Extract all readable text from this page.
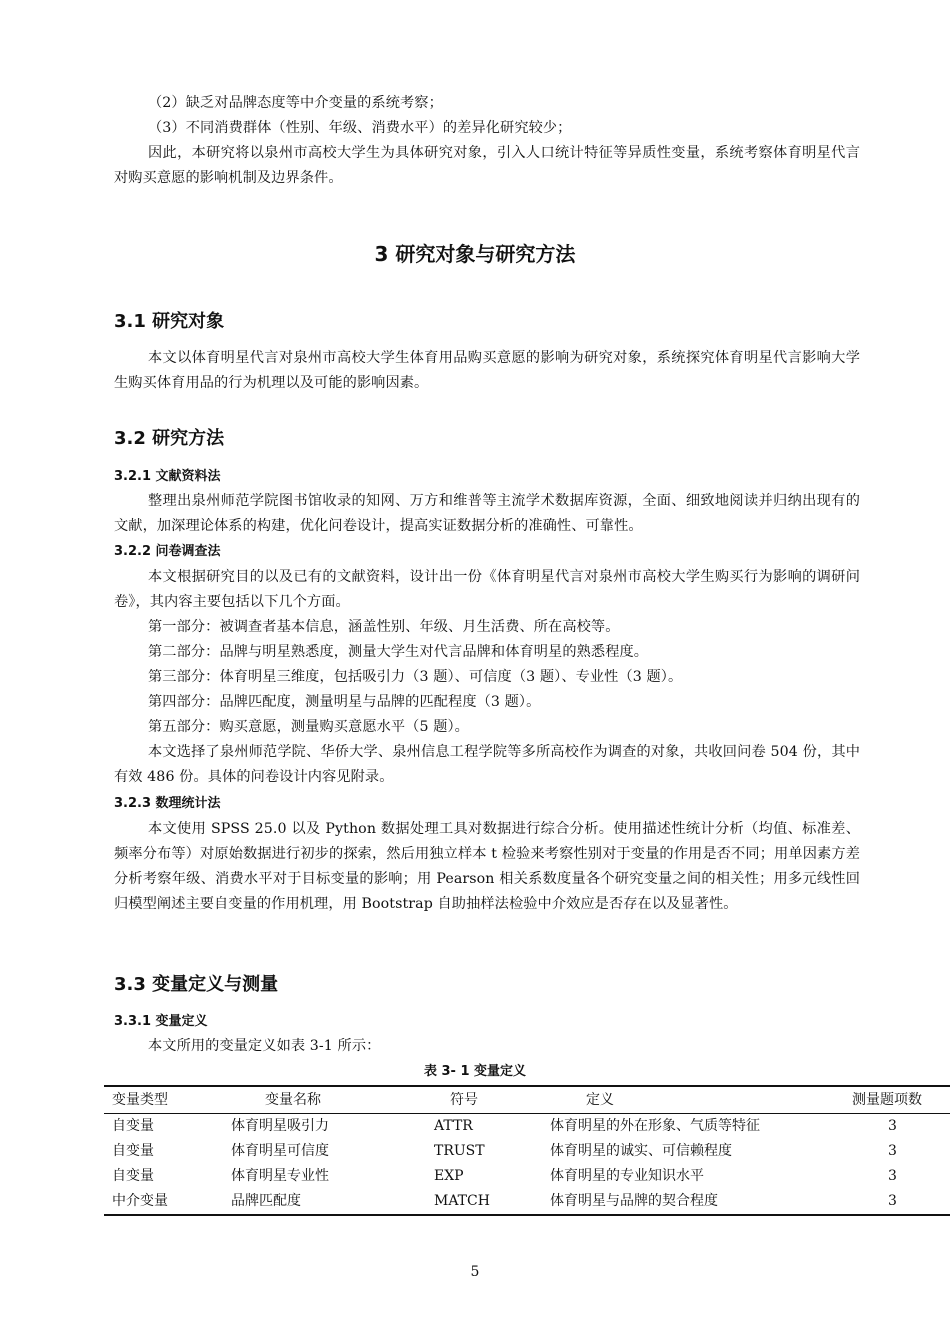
（2）缺乏对品牌态度等中介变量的系统考察；
（3）不同消费群体（性别、年级、消费水平）的差异化研究较少；
因此，本研究将以泉州市高校大学生为具体研究对象，引入人口统计特征等异质性变量，系统考察体育明星代言对购买意愿的影响机制及边界条件。
3 研究对象与研究方法
3.1 研究对象
本文以体育明星代言对泉州市高校大学生体育用品购买意愿的影响为研究对象，系统探究体育明星代言影响大学生购买体育用品的行为机理以及可能的影响因素。
3.2 研究方法
3.2.1 文献资料法
整理出泉州师范学院图书馆收录的知网、万方和维普等主流学术数据库资源，全面、细致地阅读并归纳出现有的文献，加深理论体系的构建，优化问卷设计，提高实证数据分析的准确性、可靠性。
3.2.2 问卷调查法
本文根据研究目的以及已有的文献资料，设计出一份《体育明星代言对泉州市高校大学生购买行为影响的调研问卷》，其内容主要包括以下几个方面。
第一部分：被调查者基本信息，涵盖性别、年级、月生活费、所在高校等。
第二部分：品牌与明星熟悉度，测量大学生对代言品牌和体育明星的熟悉程度。
第三部分：体育明星三维度，包括吸引力（3 题）、可信度（3 题）、专业性（3 题）。
第四部分：品牌匹配度，测量明星与品牌的匹配程度（3 题）。
第五部分：购买意愿，测量购买意愿水平（5 题）。
本文选择了泉州师范学院、华侨大学、泉州信息工程学院等多所高校作为调查的对象，共收回问卷 504 份，其中有效 486 份。具体的问卷设计内容见附录。
3.2.3 数理统计法
本文使用 SPSS 25.0 以及 Python 数据处理工具对数据进行综合分析。使用描述性统计分析（均值、标准差、频率分布等）对原始数据进行初步的探索，然后用独立样本 t 检验来考察性别对于变量的作用是否不同；用单因素方差分析考察年级、消费水平对于目标变量的影响；用 Pearson 相关系数度量各个研究变量之间的相关性；用多元线性回归模型阐述主要自变量的作用机理，用 Bootstrap 自助抽样法检验中介效应是否存在以及显著性。
3.3 变量定义与测量
3.3.1 变量定义
本文所用的变量定义如表 3-1 所示：
表 3- 1 变量定义
变量类型	变量名称	符号	定义	测量题项数
自变量	体育明星吸引力	ATTR	体育明星的外在形象、气质等特征	3
自变量	体育明星可信度	TRUST	体育明星的诚实、可信赖程度	3
自变量	体育明星专业性	EXP	体育明星的专业知识水平	3
中介变量	品牌匹配度	MATCH	体育明星与品牌的契合程度	3
5
